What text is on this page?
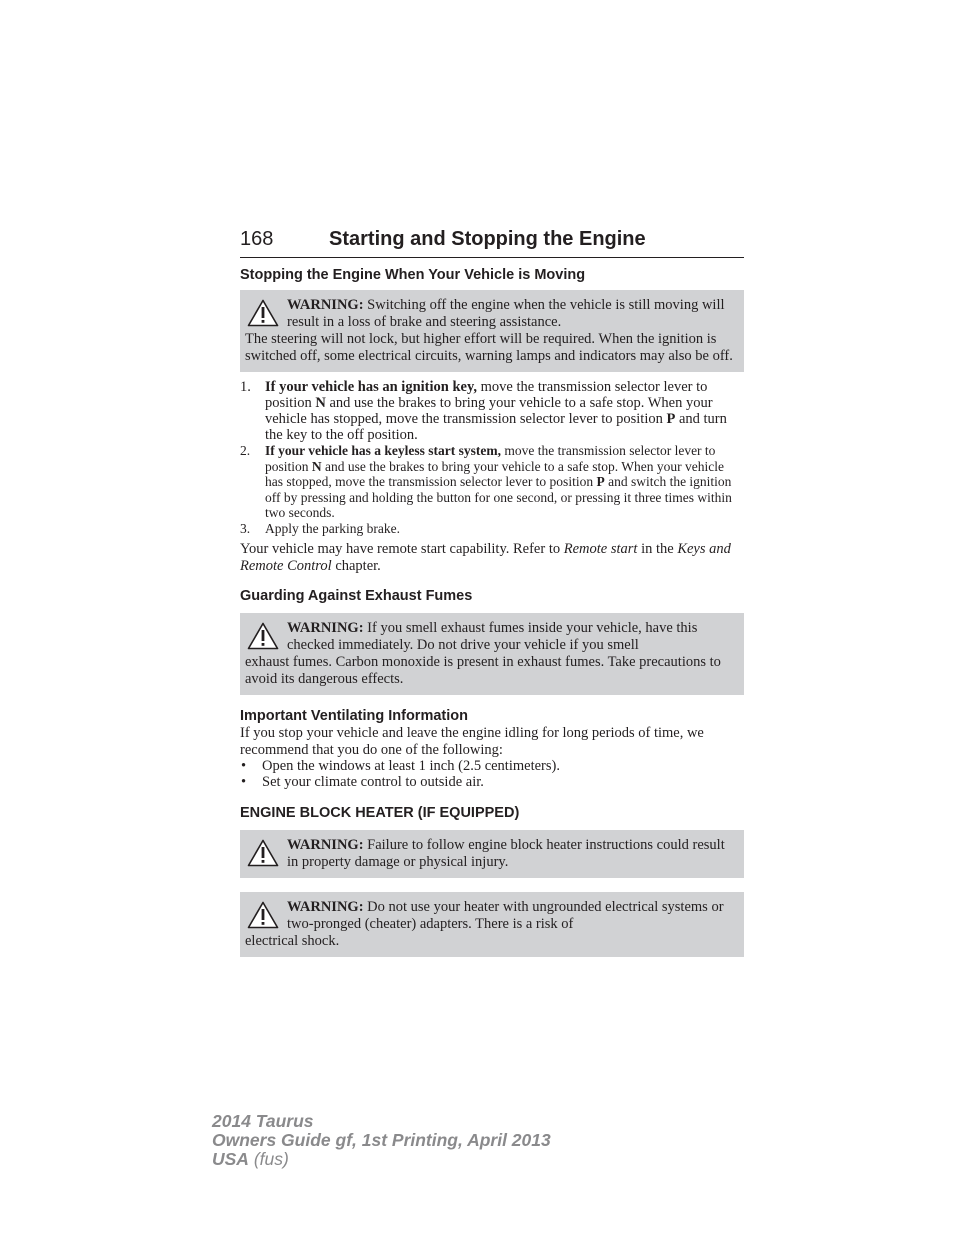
168	Starting and Stopping the Engine
Stopping the Engine When Your Vehicle is Moving
WARNING: Switching off the engine when the vehicle is still moving will result in a loss of brake and steering assistance.
The steering will not lock, but higher effort will be required. When the ignition is switched off, some electrical circuits, warning lamps and indicators may also be off.
1. If your vehicle has an ignition key, move the transmission selector lever to position N and use the brakes to bring your vehicle to a safe stop. When your vehicle has stopped, move the transmission selector lever to position P and turn the key to the off position.
2. If your vehicle has a keyless start system, move the transmission selector lever to position N and use the brakes to bring your vehicle to a safe stop. When your vehicle has stopped, move the transmission selector lever to position P and switch the ignition off by pressing and holding the button for one second, or pressing it three times within two seconds.
3. Apply the parking brake.

Your vehicle may have remote start capability. Refer to Remote start in the Keys and Remote Control chapter.

Guarding Against Exhaust Fumes
WARNING: If you smell exhaust fumes inside your vehicle, have this checked immediately. Do not drive your vehicle if you smell
exhaust fumes. Carbon monoxide is present in exhaust fumes. Take precautions to avoid its dangerous effects.
Important Ventilating Information

If you stop your vehicle and leave the engine idling for long periods of time, we recommend that you do one of the following:

• Open the windows at least 1 inch (2.5 centimeters).
• Set your climate control to outside air.
ENGINE BLOCK HEATER (IF EQUIPPED)
WARNING: Failure to follow engine block heater instructions could result in property damage or physical injury.
WARNING: Do not use your heater with ungrounded electrical systems or two-pronged (cheater) adapters. There is a risk of
electrical shock.
2014 Taurus
Owners Guide gf, 1st Printing, April 2013
USA (fus)
